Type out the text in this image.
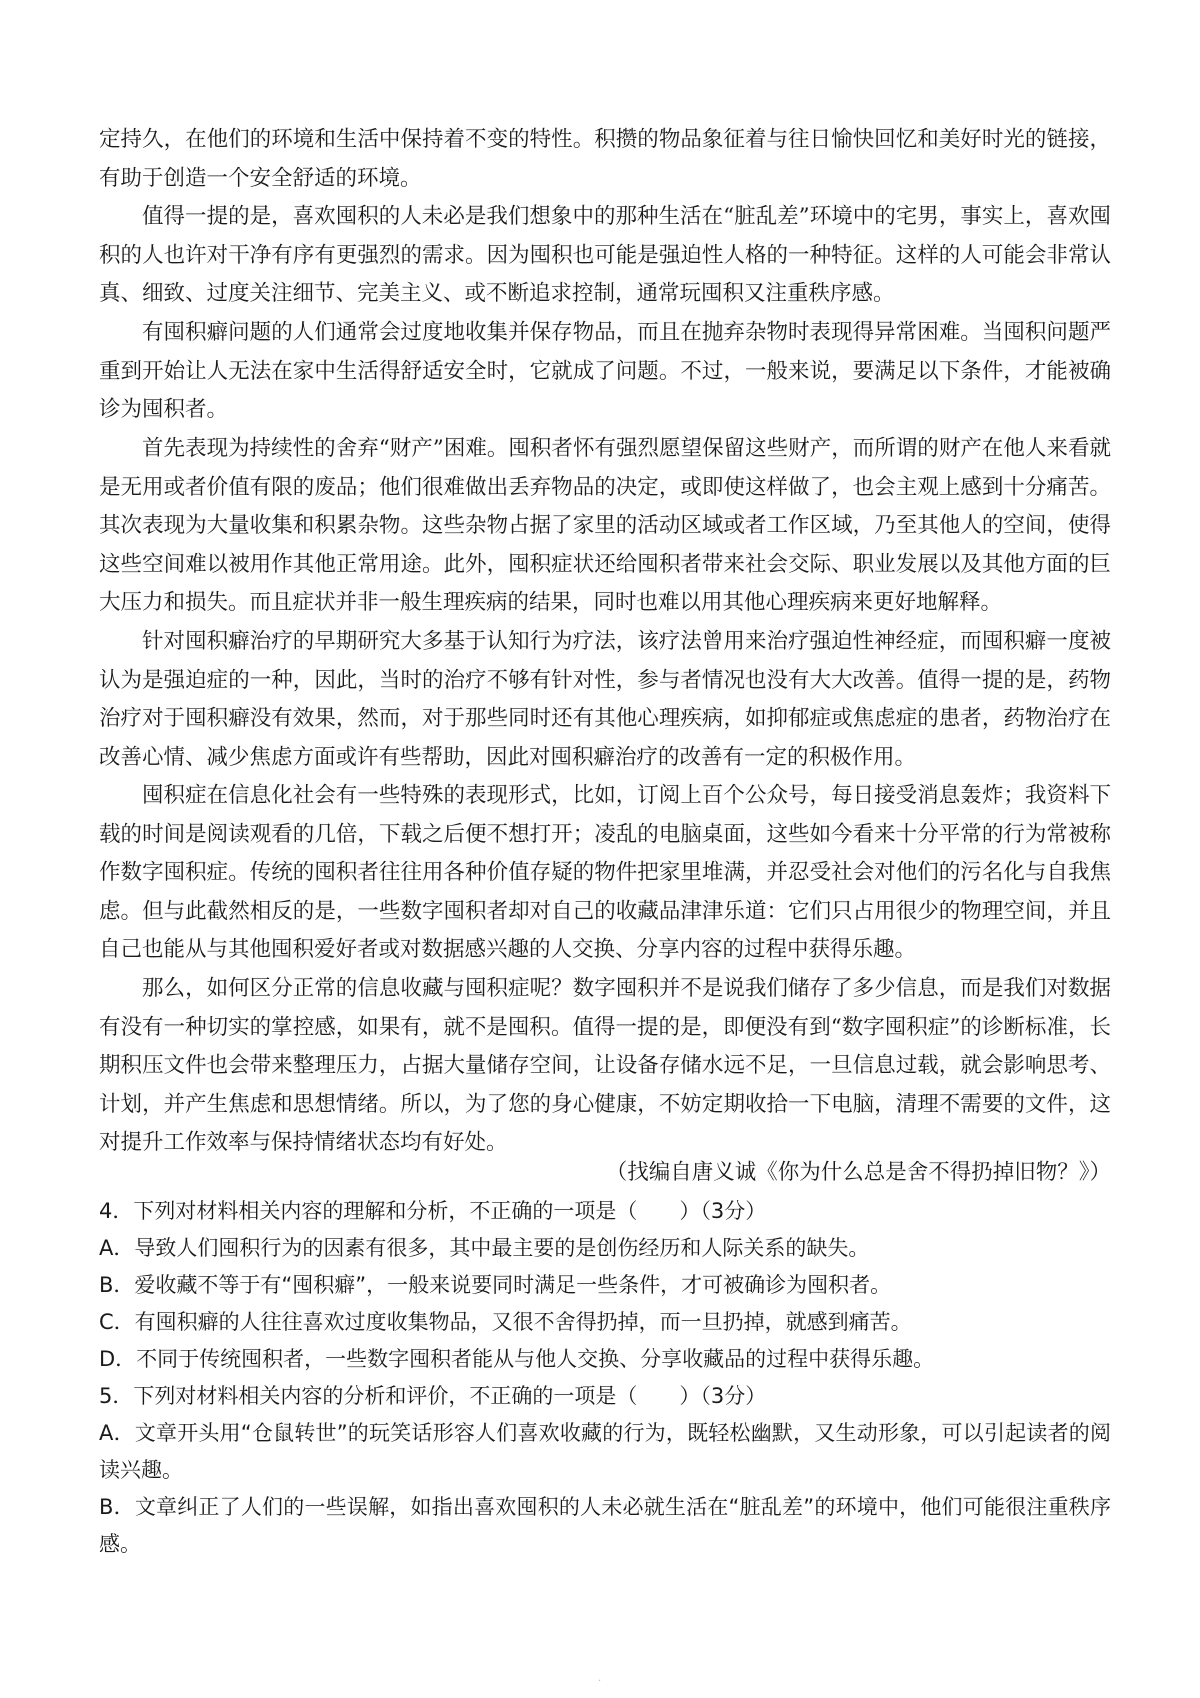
定持久，在他们的环境和生活中保持着不变的特性。积攒的物品象征着与往日愉快回忆和美好时光的链接，有助于创造一个安全舒适的环境。

值得一提的是，喜欢囤积的人未必是我们想象中的那种生活在“脏乱差”环境中的宅男，事实上，喜欢囤积的人也许对干净有序有更强烈的需求。因为囤积也可能是强迫性人格的一种特征。这样的人可能会非常认真、细致、过度关注细节、完美主义、或不断追求控制，通常玩囤积又注重秩序感。

有囤积癖问题的人们通常会过度地收集并保存物品，而且在抛弃杂物时表现得异常困难。当囤积问题严重到开始让人无法在家中生活得舒适安全时，它就成了问题。不过，一般来说，要满足以下条件，才能被确诊为囤积者。

首先表现为持续性的舍弃“财产”困难。囤积者怀有强烈愿望保留这些财产，而所谓的财产在他人来看就是无用或者价值有限的废品；他们很难做出丢弃物品的决定，或即使这样做了，也会主观上感到十分痛苦。其次表现为大量收集和积累杂物。这些杂物占据了家里的活动区域或者工作区域，乃至其他人的空间，使得这些空间难以被用作其他正常用途。此外，囤积症状还给囤积者带来社会交际、职业发展以及其他方面的巨大压力和损失。而且症状并非一般生理疾病的结果，同时也难以用其他心理疾病来更好地解释。

针对囤积癖治疗的早期研究大多基于认知行为疗法，该疗法曾用来治疗强迫性神经症，而囤积癖一度被认为是强迫症的一种，因此，当时的治疗不够有针对性，参与者情况也没有大大改善。值得一提的是，药物治疗对于囤积癖没有效果，然而，对于那些同时还有其他心理疾病，如抑郁症或焦虑症的患者，药物治疗在改善心情、减少焦虑方面或许有些帮助，因此对囤积癖治疗的改善有一定的积极作用。

囤积症在信息化社会有一些特殊的表现形式，比如，订阅上百个公众号，每日接受消息轰炸；我资料下载的时间是阅读观看的几倍，下载之后便不想打开；凌乱的电脑桌面，这些如今看来十分平常的行为常被称作数字囤积症。传统的囤积者往往用各种价值存疑的物件把家里堆满，并忍受社会对他们的污名化与自我焦虑。但与此截然相反的是，一些数字囤积者却对自己的收藏品津津乐道：它们只占用很少的物理空间，并且自己也能从与其他囤积爱好者或对数据感兴趣的人交换、分享内容的过程中获得乐趣。

那么，如何区分正常的信息收藏与囤积症呢？数字囤积并不是说我们储存了多少信息，而是我们对数据有没有一种切实的掌控感，如果有，就不是囤积。值得一提的是，即便没有到“数字囤积症”的诊断标准，长期积压文件也会带来整理压力，占据大量储存空间，让设备存储水远不足，一旦信息过载，就会影响思考、计划，并产生焦虑和思想情绪。所以，为了您的身心健康，不妨定期收拾一下电脑，清理不需要的文件，这对提升工作效率与保持情绪状态均有好处。

（找编自唐义诚《你为什么总是舍不得扔掉旧物？》）

4．下列对材料相关内容的理解和分析，不正确的一项是（　　）（3分）

A．导致人们囤积行为的因素有很多，其中最主要的是创伤经历和人际关系的缺失。

B．爱收藏不等于有“囤积癖”，一般来说要同时满足一些条件，才可被确诊为囤积者。

C．有囤积癖的人往往喜欢过度收集物品，又很不舍得扔掉，而一旦扔掉，就感到痛苦。

D．不同于传统囤积者，一些数字囤积者能从与他人交换、分享收藏品的过程中获得乐趣。

5．下列对材料相关内容的分析和评价，不正确的一项是（　　）（3分）

A．文章开头用“仓鼠转世”的玩笑话形容人们喜欢收藏的行为，既轻松幽默，又生动形象，可以引起读者的阅读兴趣。

B．文章纠正了人们的一些误解，如指出喜欢囤积的人未必就生活在“脏乱差”的环境中，他们可能很注重秩序感。

·
